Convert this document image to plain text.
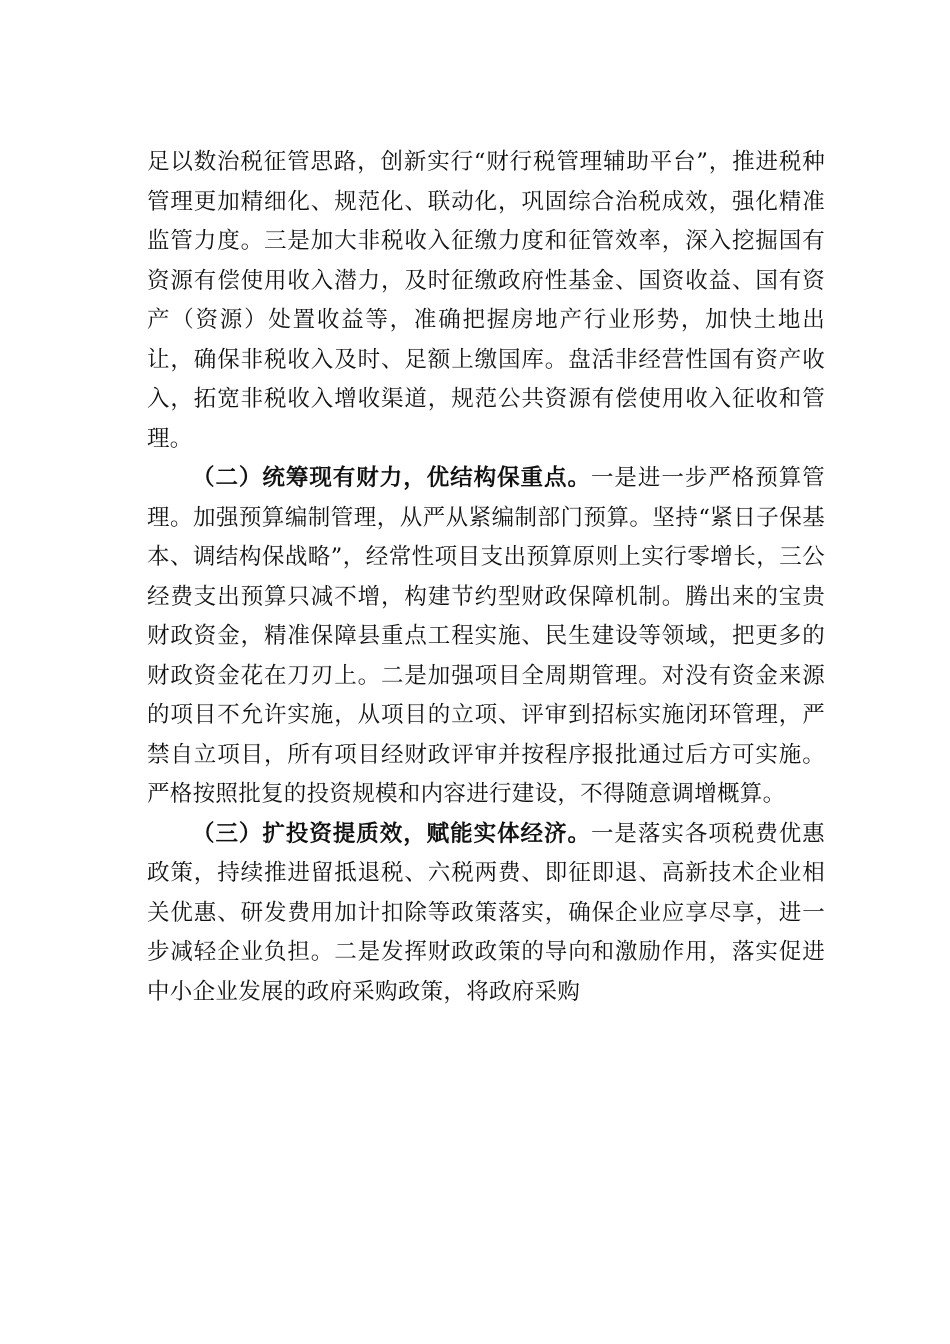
足以数治税征管思路，创新实行“财行税管理辅助平台”，推进税种管理更加精细化、规范化、联动化，巩固综合治税成效，强化精准监管力度。三是加大非税收入征缴力度和征管效率，深入挖掘国有资源有偿使用收入潜力，及时征缴政府性基金、国资收益、国有资产（资源）处置收益等，准确把握房地产行业形势，加快土地出让，确保非税收入及时、足额上缴国库。盘活非经营性国有资产收入，拓宽非税收入增收渠道，规范公共资源有偿使用收入征收和管理。

（二）统筹现有财力，优结构保重点。一是进一步严格预算管理。加强预算编制管理，从严从紧编制部门预算。坚持“紧日子保基本、调结构保战略”，经常性项目支出预算原则上实行零增长，三公经费支出预算只减不增，构建节约型财政保障机制。腾出来的宝贵财政资金，精准保障县重点工程实施、民生建设等领域，把更多的财政资金花在刀刃上。二是加强项目全周期管理。对没有资金来源的项目不允许实施，从项目的立项、评审到招标实施闭环管理，严禁自立项目，所有项目经财政评审并按程序报批通过后方可实施。严格按照批复的投资规模和内容进行建设，不得随意调增概算。

（三）扩投资提质效，赋能实体经济。一是落实各项税费优惠政策，持续推进留抵退税、六税两费、即征即退、高新技术企业相关优惠、研发费用加计扣除等政策落实，确保企业应享尽享，进一步减轻企业负担。二是发挥财政政策的导向和激励作用，落实促进中小企业发展的政府采购政策，将政府采购
